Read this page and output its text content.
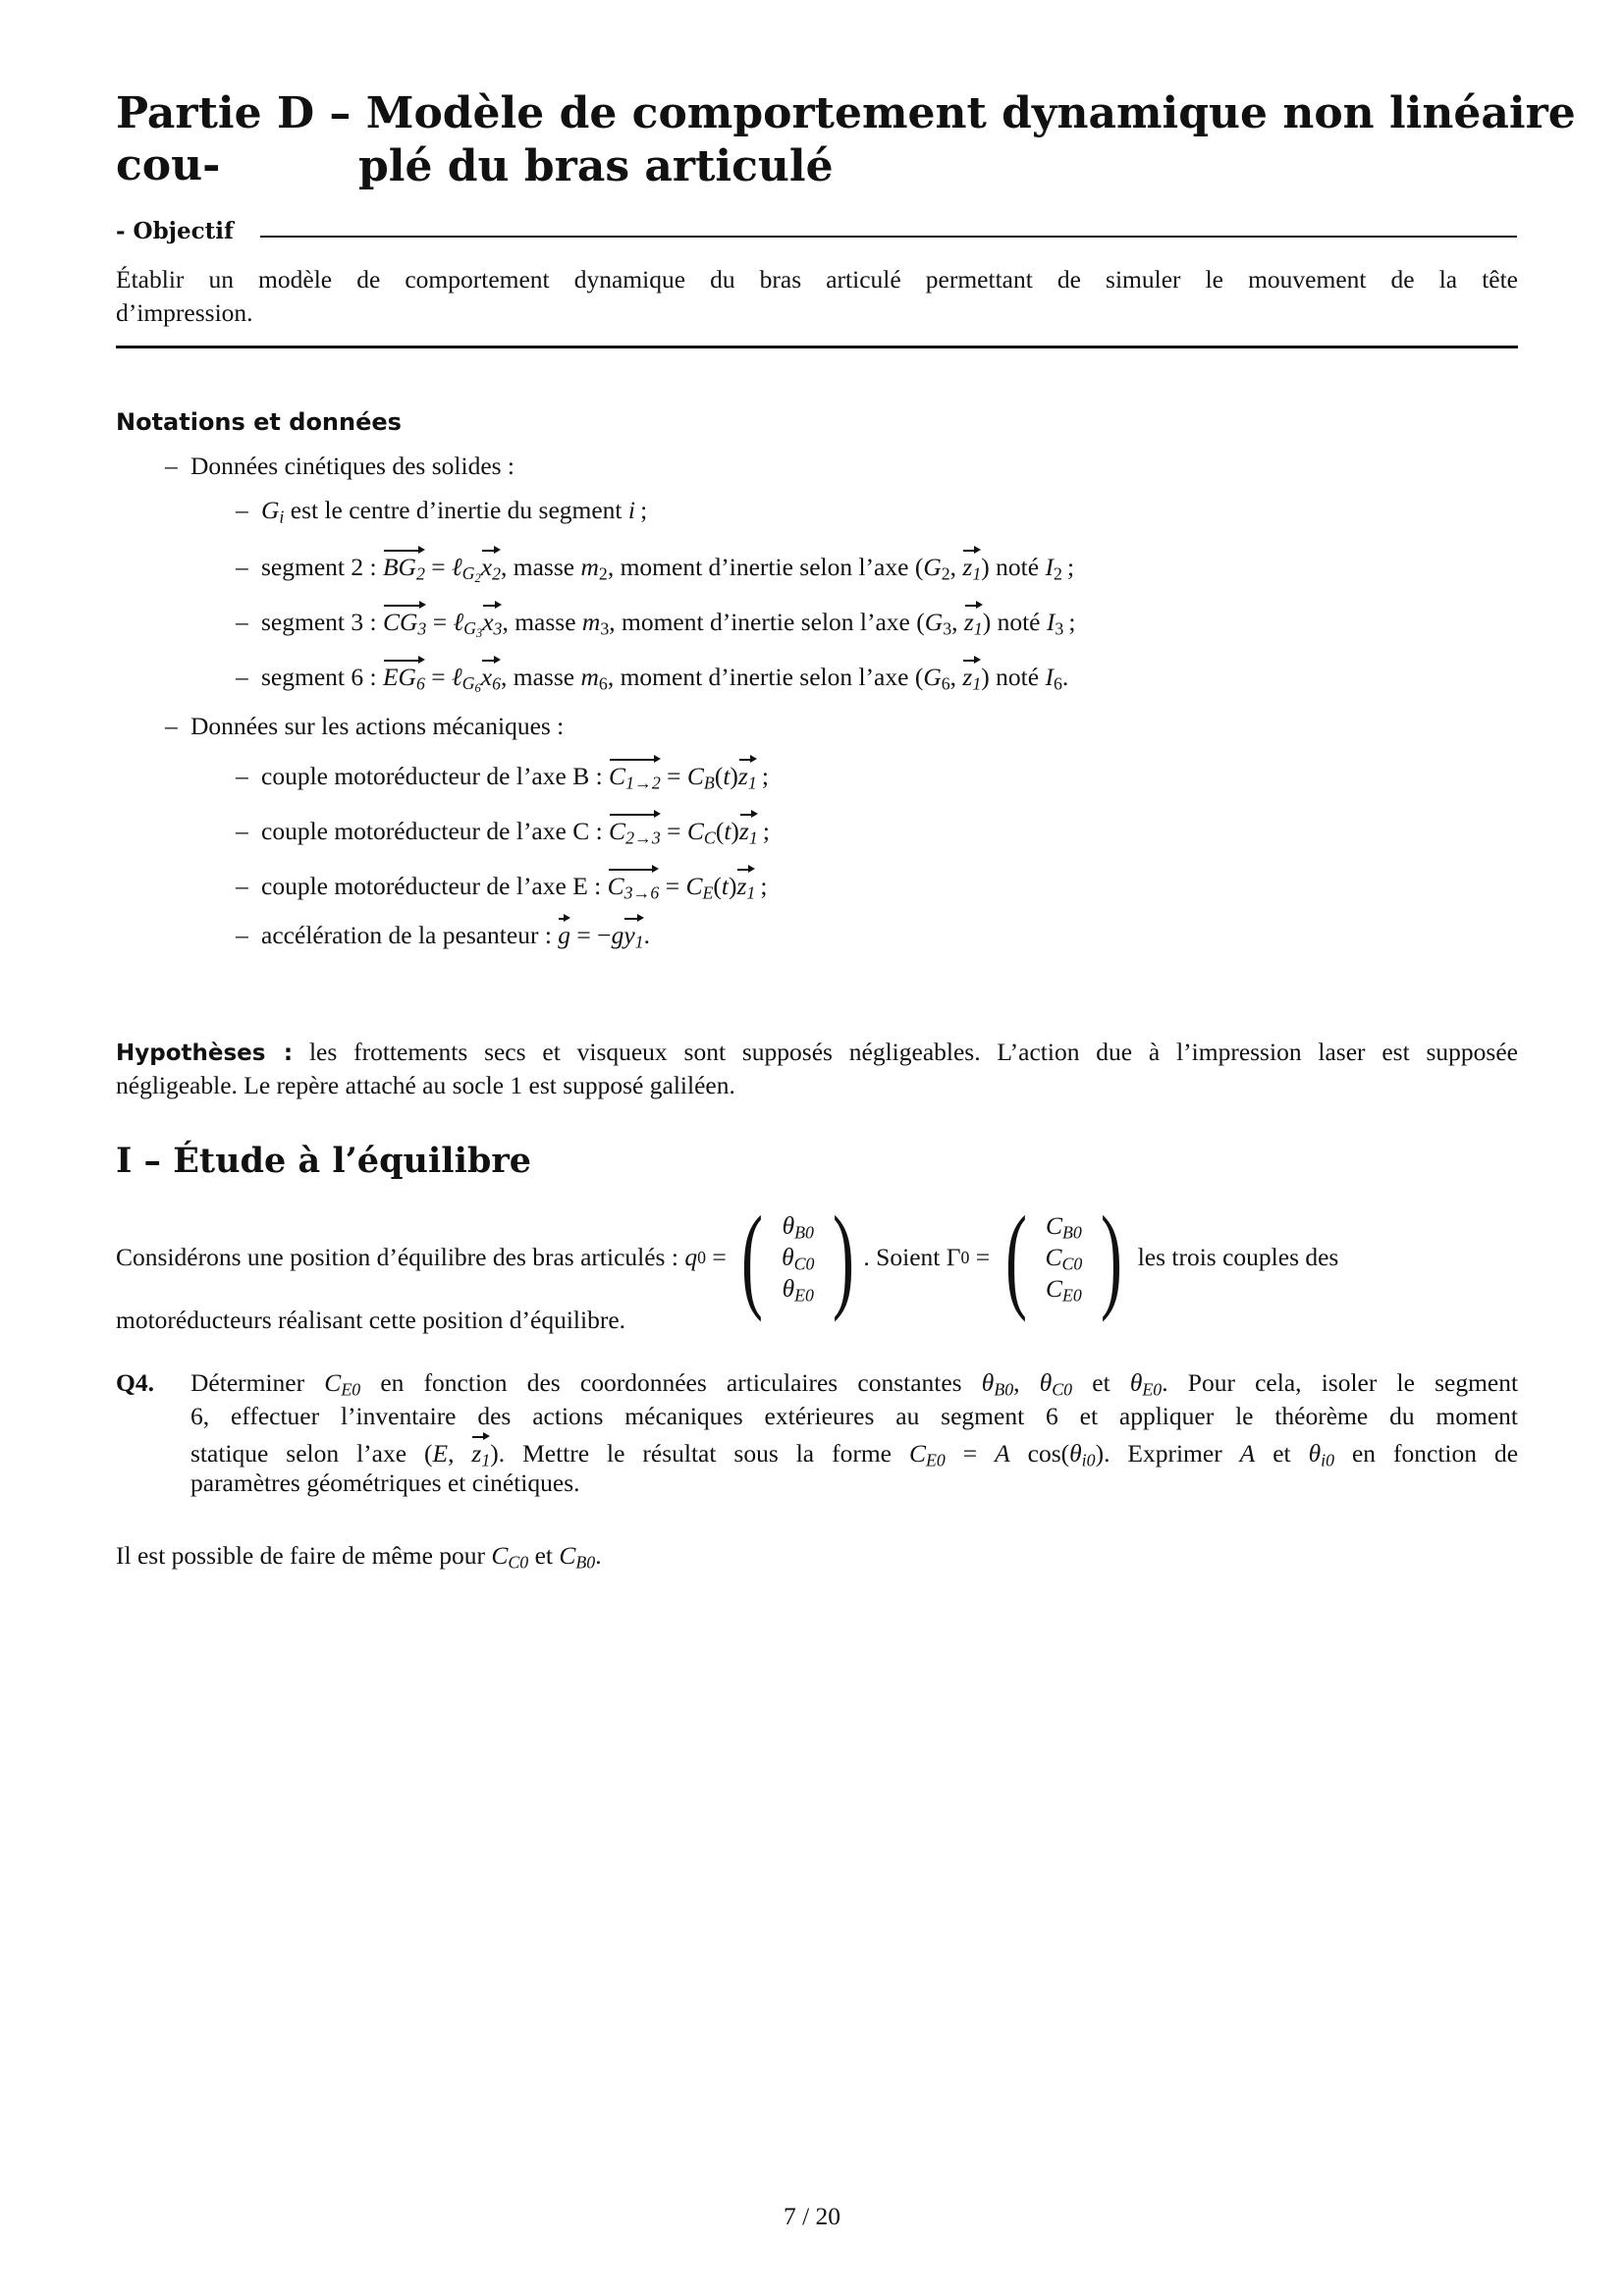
Partie D – Modèle de comportement dynamique non linéaire cou-	plé du bras articulé
- Objectif
Établir un modèle de comportement dynamique du bras articulé permettant de simuler le mouvement de la tête
d’impression.
Notations et données
– Données cinétiques des solides :
– $G_i$ est le centre d’inertie du segment i ;
– segment 2 : $BG_2$ = $\ell_{G_2}x_2$, masse $m_2$, moment d’inertie selon l’axe ($G_2$, $z_1$) noté $I_2$  ;
– segment 3 : $CG_3$ = $\ell_{G_3}x_3$, masse $m_3$, moment d’inertie selon l’axe ($G_3$, $z_1$) noté $I_3$  ;
– segment 6 : $EG_6$ = $\ell_{G_6}x_6$, masse $m_6$, moment d’inertie selon l’axe ($G_6$, $z_1$) noté $I_6$.
– Données sur les actions mécaniques :
– couple motoréducteur de l’axe B : $C_{1\to 2} = C_B(t)z_1$ ;
– couple motoréducteur de l’axe C : $C_{2\to 3} = C_C(t)z_1$ ;
– couple motoréducteur de l’axe E : $C_{3\to 6} = C_E(t)z_1$ ;
– accélération de la pesanteur : $g = -gy_1$.
Hypothèses : les frottements secs et visqueux sont supposés négligeables. L’action due à l’impression laser est supposée
négligeable. Le repère attaché au socle 1 est supposé galiléen.
I – Étude à l’équilibre
Considérons une position d’équilibre des bras articulés :
q 0 = ( $\theta_{B0}$
$\theta_{C0}$
$\theta_{E0}$ ) . Soient Γ 0 = ( $C_{B0}$
$C_{C0}$
$C_{E0}$ )
les trois couples des
motoréducteurs réalisant cette position d’équilibre.
Q4. Déterminer $C_{E0}$ en fonction des coordonnées articulaires constantes $\theta_{B0}$, $\theta_{C0}$ et $\theta_{E0}$. Pour cela, isoler le segment
6, effectuer l’inventaire des actions mécaniques extérieures au segment 6 et appliquer le théorème du moment
statique selon l’axe (E, $z_1$). Mettre le résultat sous la forme $C_{E0} = A$ $\cos(\theta_{i0})$. Exprimer A et $\theta_{i0}$ en fonction de
paramètres géométriques et cinétiques.
Il est possible de faire de même pour $C_{C0}$ et $C_{B0}$.
7 / 20
